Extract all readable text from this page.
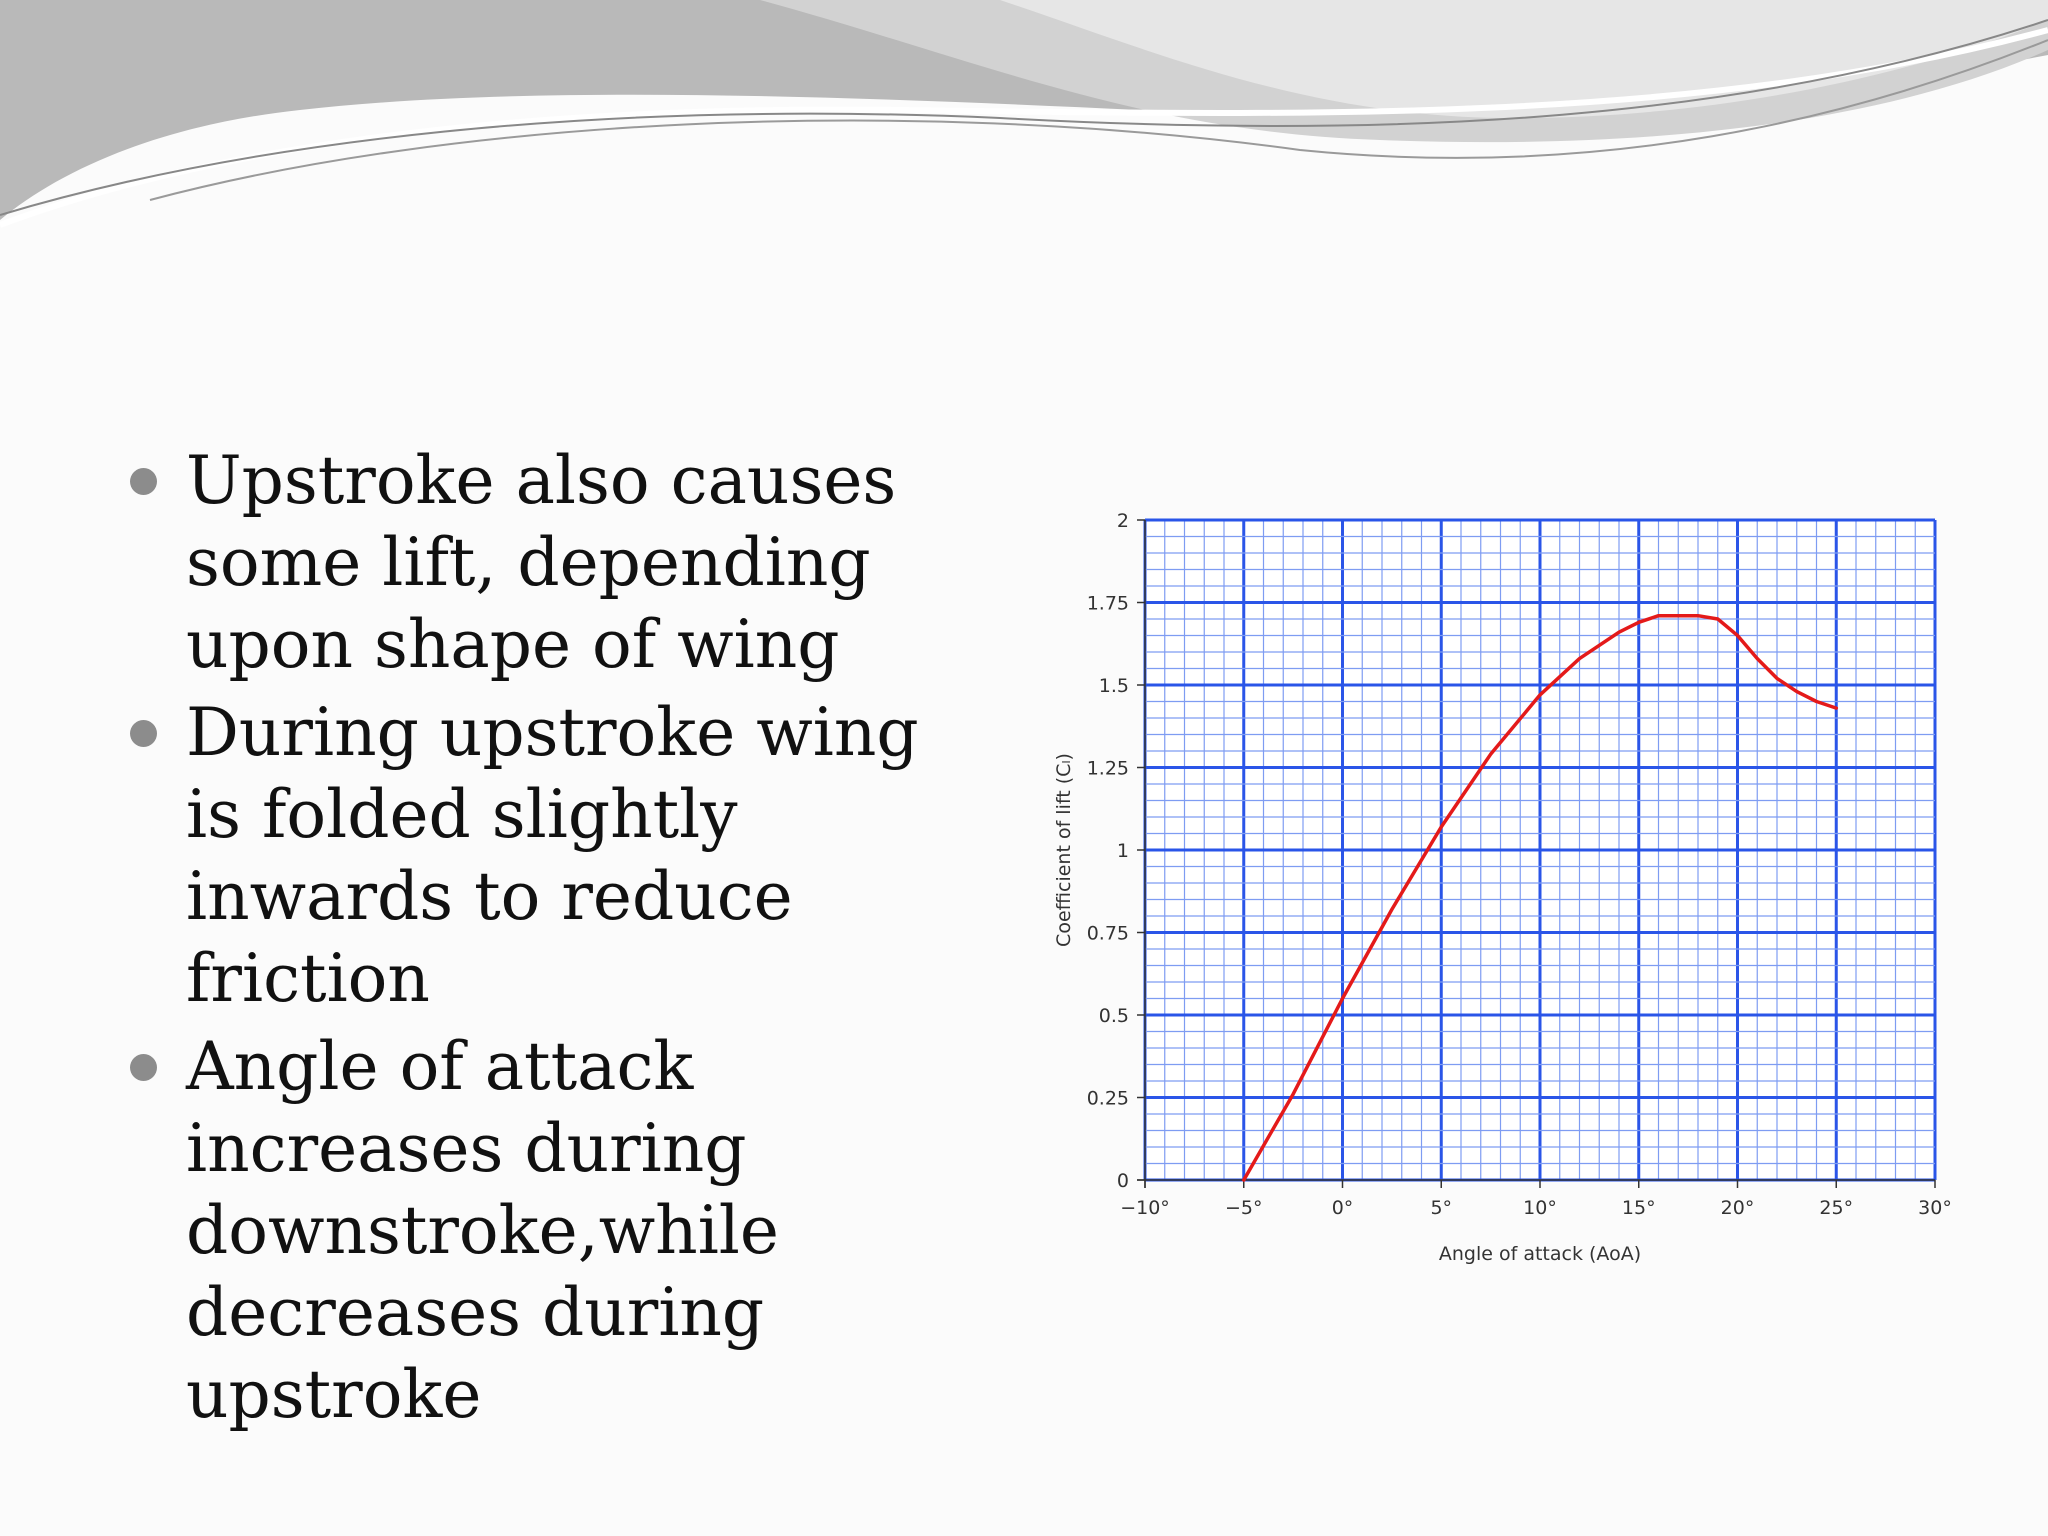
Upstroke also causes some lift, depending upon shape of wing
During upstroke wing is folded slightly inwards to reduce friction
Angle of attack increases during downstroke,while decreases during upstroke
−10°	−5°	0°	5°	10°	15°	20°	25°	30°
0
0.25
0.5
0.75
1
1.25
1.5
1.75
2
Angle of attack (AoA)
Coefficient of lift (Cₗ)
